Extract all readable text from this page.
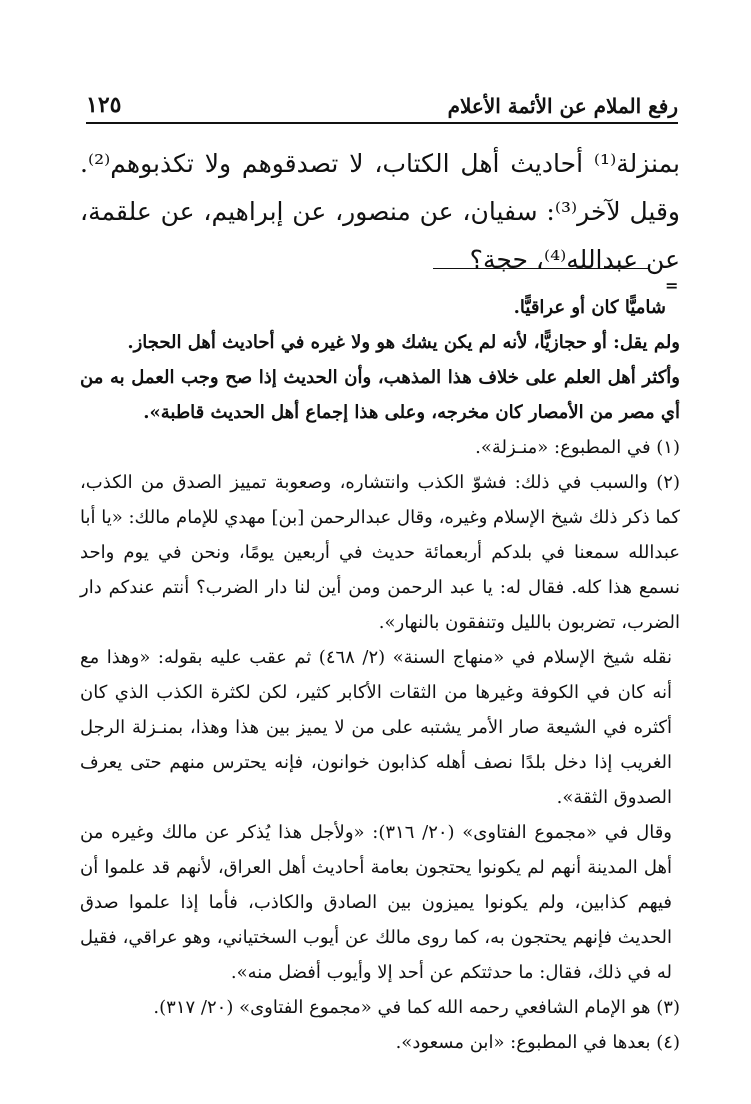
رفع الملام عن الأئمة الأعلام
١٢٥

بمنزلة⁽¹⁾ أحاديث أهل الكتاب، لا تصدقوهم ولا تكذبوهم⁽²⁾. وقيل لآخر⁽³⁾: سفيان، عن منصور، عن إبراهيم، عن علقمة، عن عبدالله⁽⁴⁾، حجة؟

=

شاميًّا كان أو عراقيًّا.

ولم يقل: أو حجازيًّا، لأنه لم يكن يشك هو ولا غيره في أحاديث أهل الحجاز.

وأكثر أهل العلم على خلاف هذا المذهب، وأن الحديث إذا صح وجب العمل به من أي مصر من الأمصار كان مخرجه، وعلى هذا إجماع أهل الحديث قاطبة».

(١) في المطبوع: «منـزلة».

(٢) والسبب في ذلك: فشوّ الكذب وانتشاره، وصعوبة تمييز الصدق من الكذب، كما ذكر ذلك شيخ الإسلام وغيره، وقال عبدالرحمن [بن] مهدي للإمام مالك: «يا أبا عبدالله سمعنا في بلدكم أربعمائة حديث في أربعين يومًا، ونحن في يوم واحد نسمع هذا كله. فقال له: يا عبد الرحمن ومن أين لنا دار الضرب؟ أنتم عندكم دار الضرب، تضربون بالليل وتنفقون بالنهار».

نقله شيخ الإسلام في «منهاج السنة» (٢/ ٤٦٨) ثم عقب عليه بقوله: «وهذا مع أنه كان في الكوفة وغيرها من الثقات الأكابر كثير، لكن لكثرة الكذب الذي كان أكثره في الشيعة صار الأمر يشتبه على من لا يميز بين هذا وهذا، بمنـزلة الرجل الغريب إذا دخل بلدًا نصف أهله كذابون خوانون، فإنه يحترس منهم حتى يعرف الصدوق الثقة».

وقال في «مجموع الفتاوى» (٢٠/ ٣١٦): «ولأجل هذا يُذكر عن مالك وغيره من أهل المدينة أنهم لم يكونوا يحتجون بعامة أحاديث أهل العراق، لأنهم قد علموا أن فيهم كذابين، ولم يكونوا يميزون بين الصادق والكاذب، فأما إذا علموا صدق الحديث فإنهم يحتجون به، كما روى مالك عن أيوب السختياني، وهو عراقي، فقيل له في ذلك، فقال: ما حدثتكم عن أحد إلا وأيوب أفضل منه».

(٣) هو الإمام الشافعي رحمه الله كما في «مجموع الفتاوى» (٢٠/ ٣١٧).

(٤) بعدها في المطبوع: «ابن مسعود».
